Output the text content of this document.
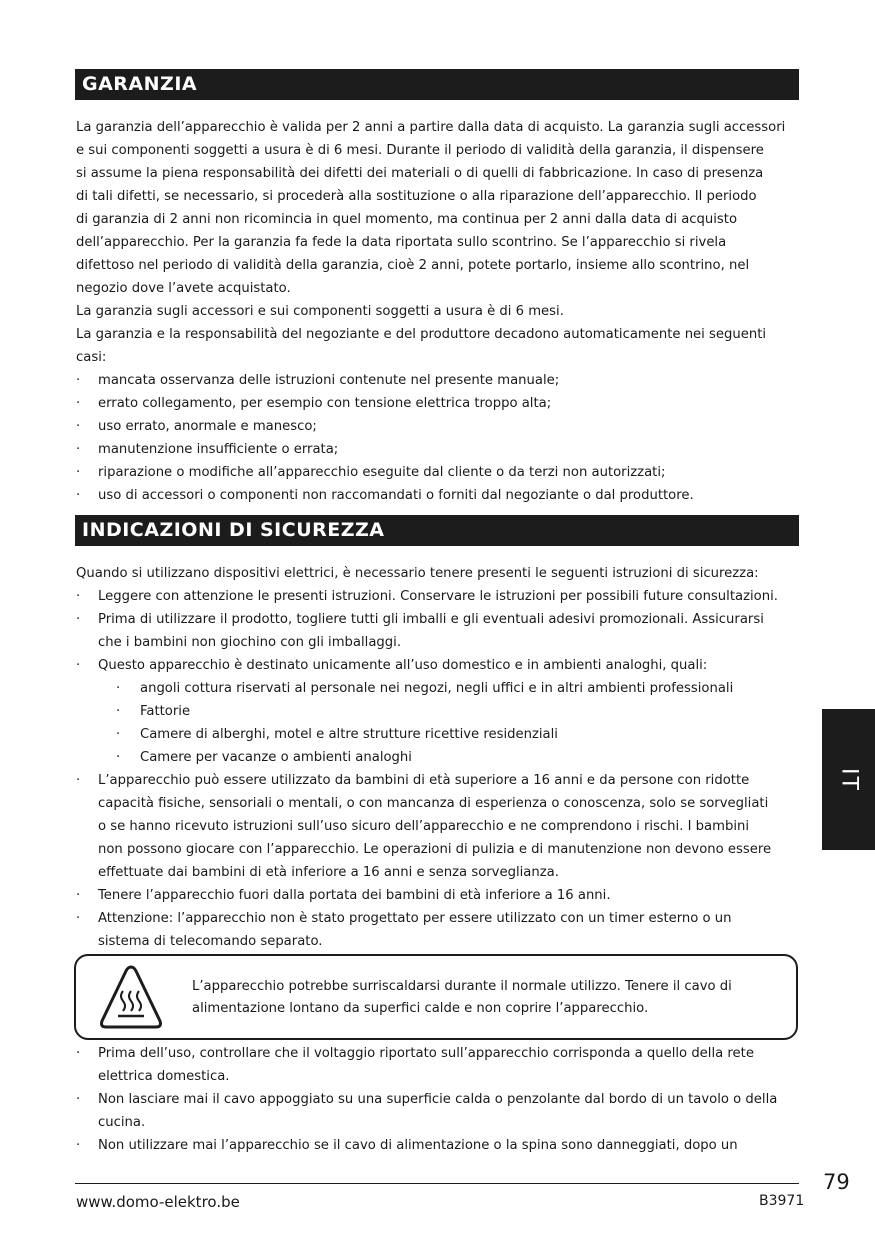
GARANZIA
La garanzia dell’apparecchio è valida per 2 anni a partire dalla data di acquisto. La garanzia sugli accessori
e sui componenti soggetti a usura è di 6 mesi. Durante il periodo di validità della garanzia, il dispensere
si assume la piena responsabilità dei difetti dei materiali o di quelli di fabbricazione. In caso di presenza
di tali difetti, se necessario, si procederà alla sostituzione o alla riparazione dell’apparecchio. Il periodo
di garanzia di 2 anni non ricomincia in quel momento, ma continua per 2 anni dalla data di acquisto
dell’apparecchio. Per la garanzia fa fede la data riportata sullo scontrino. Se l’apparecchio si rivela
difettoso nel periodo di validità della garanzia, cioè 2 anni, potete portarlo, insieme allo scontrino, nel
negozio dove l’avete acquistato.
La garanzia sugli accessori e sui componenti soggetti a usura è di 6 mesi.
La garanzia e la responsabilità del negoziante e del produttore decadono automaticamente nei seguenti
casi:
· mancata osservanza delle istruzioni contenute nel presente manuale;
· errato collegamento, per esempio con tensione elettrica troppo alta;
· uso errato, anormale e manesco;
· manutenzione insufficiente o errata;
· riparazione o modifiche all’apparecchio eseguite dal cliente o da terzi non autorizzati;
· uso di accessori o componenti non raccomandati o forniti dal negoziante o dal produttore.
INDICAZIONI DI SICUREZZA
Quando si utilizzano dispositivi elettrici, è necessario tenere presenti le seguenti istruzioni di sicurezza:
· Leggere con attenzione le presenti istruzioni. Conservare le istruzioni per possibili future consultazioni.
· Prima di utilizzare il prodotto, togliere tutti gli imballi e gli eventuali adesivi promozionali. Assicurarsi
che i bambini non giochino con gli imballaggi.
· Questo apparecchio è destinato unicamente all’uso domestico e in ambienti analoghi, quali:
· angoli cottura riservati al personale nei negozi, negli uffici e in altri ambienti professionali
· Fattorie
· Camere di alberghi, motel e altre strutture ricettive residenziali
· Camere per vacanze o ambienti analoghi
· L’apparecchio può essere utilizzato da bambini di età superiore a 16 anni e da persone con ridotte
capacità fisiche, sensoriali o mentali, o con mancanza di esperienza o conoscenza, solo se sorvegliati
o se hanno ricevuto istruzioni sull’uso sicuro dell’apparecchio e ne comprendono i rischi. I bambini
non possono giocare con l’apparecchio. Le operazioni di pulizia e di manutenzione non devono essere
effettuate dai bambini di età inferiore a 16 anni e senza sorveglianza.
· Tenere l’apparecchio fuori dalla portata dei bambini di età inferiore a 16 anni.
· Attenzione: l’apparecchio non è stato progettato per essere utilizzato con un timer esterno o un
sistema di telecomando separato.
L’apparecchio potrebbe surriscaldarsi durante il normale utilizzo. Tenere il cavo di
alimentazione lontano da superfici calde e non coprire l’apparecchio.
· Prima dell’uso, controllare che il voltaggio riportato sull’apparecchio corrisponda a quello della rete
elettrica domestica.
· Non lasciare mai il cavo appoggiato su una superficie calda o penzolante dal bordo di un tavolo o della
cucina.
· Non utilizzare mai l’apparecchio se il cavo di alimentazione o la spina sono danneggiati, dopo un
IT
79
www.domo-elektro.be	B3971
